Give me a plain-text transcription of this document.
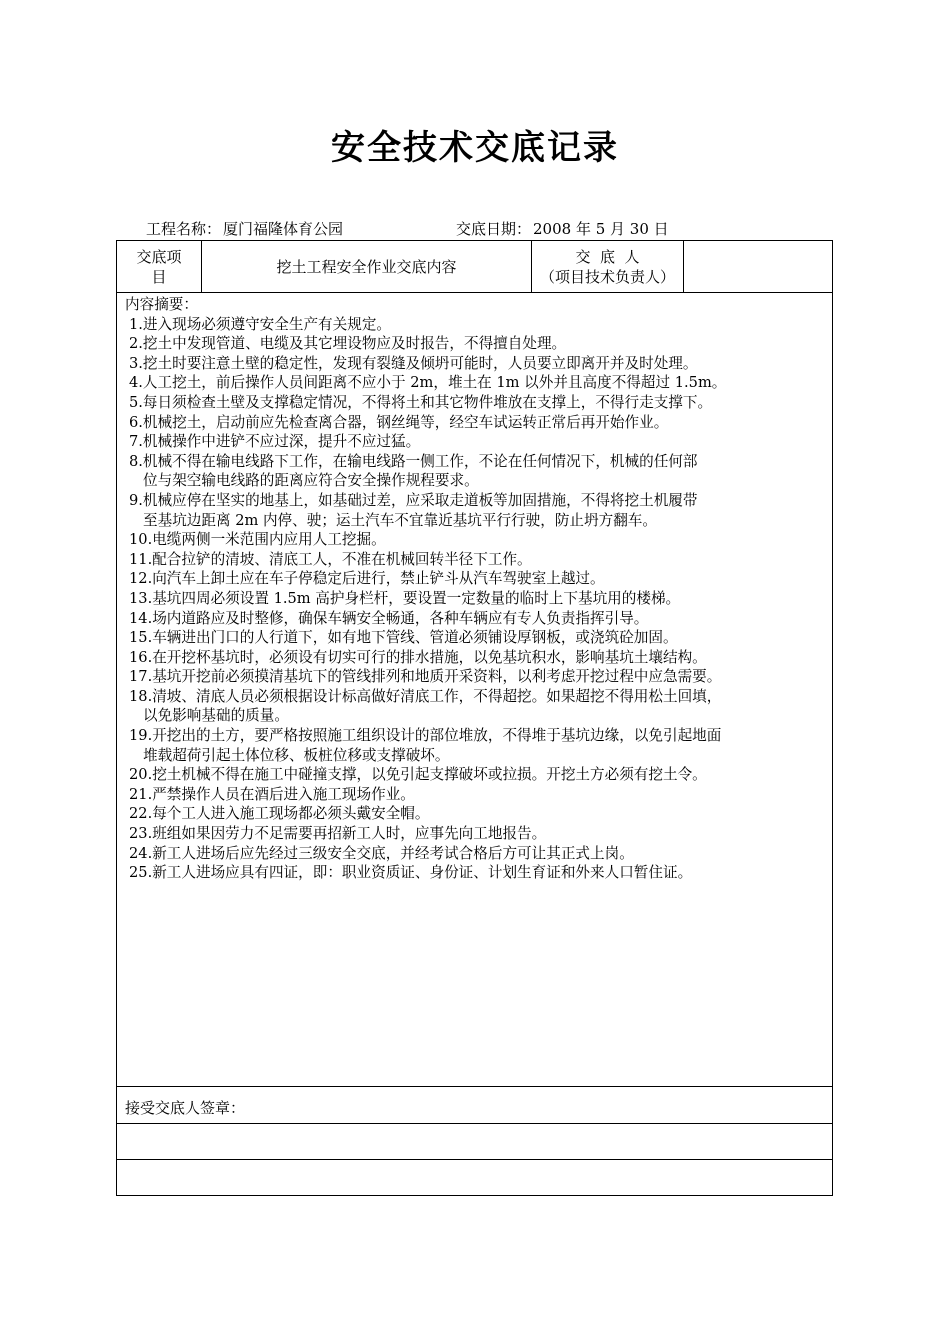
安全技术交底记录
工程名称： 厦门福隆体育公园	交底日期： 2008 年 5 月 30 日
交底项
目
挖土工程安全作业交底内容
交  底  人
（项目技术负责人）

内容摘要：

1.进入现场必须遵守安全生产有关规定。

2.挖土中发现管道、电缆及其它埋设物应及时报告，不得擅自处理。

3.挖土时要注意土壁的稳定性，发现有裂缝及倾坍可能时，人员要立即离开并及时处理。

4.人工挖土，前后操作人员间距离不应小于 2m，堆土在 1m 以外并且高度不得超过 1.5m。

5.每日须检查土壁及支撑稳定情况，不得将土和其它物件堆放在支撑上，不得行走支撑下。

6.机械挖土，启动前应先检查离合器，钢丝绳等，经空车试运转正常后再开始作业。

7.机械操作中进铲不应过深，提升不应过猛。

8.机械不得在输电线路下工作，在输电线路一侧工作，不论在任何情况下，机械的任何部
位与架空输电线路的距离应符合安全操作规程要求。

9.机械应停在坚实的地基上，如基础过差，应采取走道板等加固措施，不得将挖土机履带
至基坑边距离 2m 内停、驶；运土汽车不宜靠近基坑平行行驶，防止坍方翻车。

10.电缆两侧一米范围内应用人工挖掘。

11.配合拉铲的清坡、清底工人，不准在机械回转半径下工作。

12.向汽车上卸土应在车子停稳定后进行，禁止铲斗从汽车驾驶室上越过。

13.基坑四周必须设置 1.5m 高护身栏杆，要设置一定数量的临时上下基坑用的楼梯。

14.场内道路应及时整修，确保车辆安全畅通，各种车辆应有专人负责指挥引导。

15.车辆进出门口的人行道下，如有地下管线、管道必须铺设厚钢板，或浇筑砼加固。

16.在开挖杯基坑时，必须设有切实可行的排水措施，以免基坑积水，影响基坑土壤结构。

17.基坑开挖前必须摸清基坑下的管线排列和地质开采资料，以利考虑开挖过程中应急需要。

18.清坡、清底人员必须根据设计标高做好清底工作，不得超挖。如果超挖不得用松土回填，
以免影响基础的质量。

19.开挖出的土方，要严格按照施工组织设计的部位堆放，不得堆于基坑边缘，以免引起地面
堆载超荷引起土体位移、板桩位移或支撑破坏。

20.挖土机械不得在施工中碰撞支撑，以免引起支撑破坏或拉损。开挖土方必须有挖土令。

21.严禁操作人员在酒后进入施工现场作业。

22.每个工人进入施工现场都必须头戴安全帽。

23.班组如果因劳力不足需要再招新工人时，应事先向工地报告。

24.新工人进场后应先经过三级安全交底，并经考试合格后方可让其正式上岗。

25.新工人进场应具有四证，即：职业资质证、身份证、计划生育证和外来人口暂住证。

接受交底人签章：
